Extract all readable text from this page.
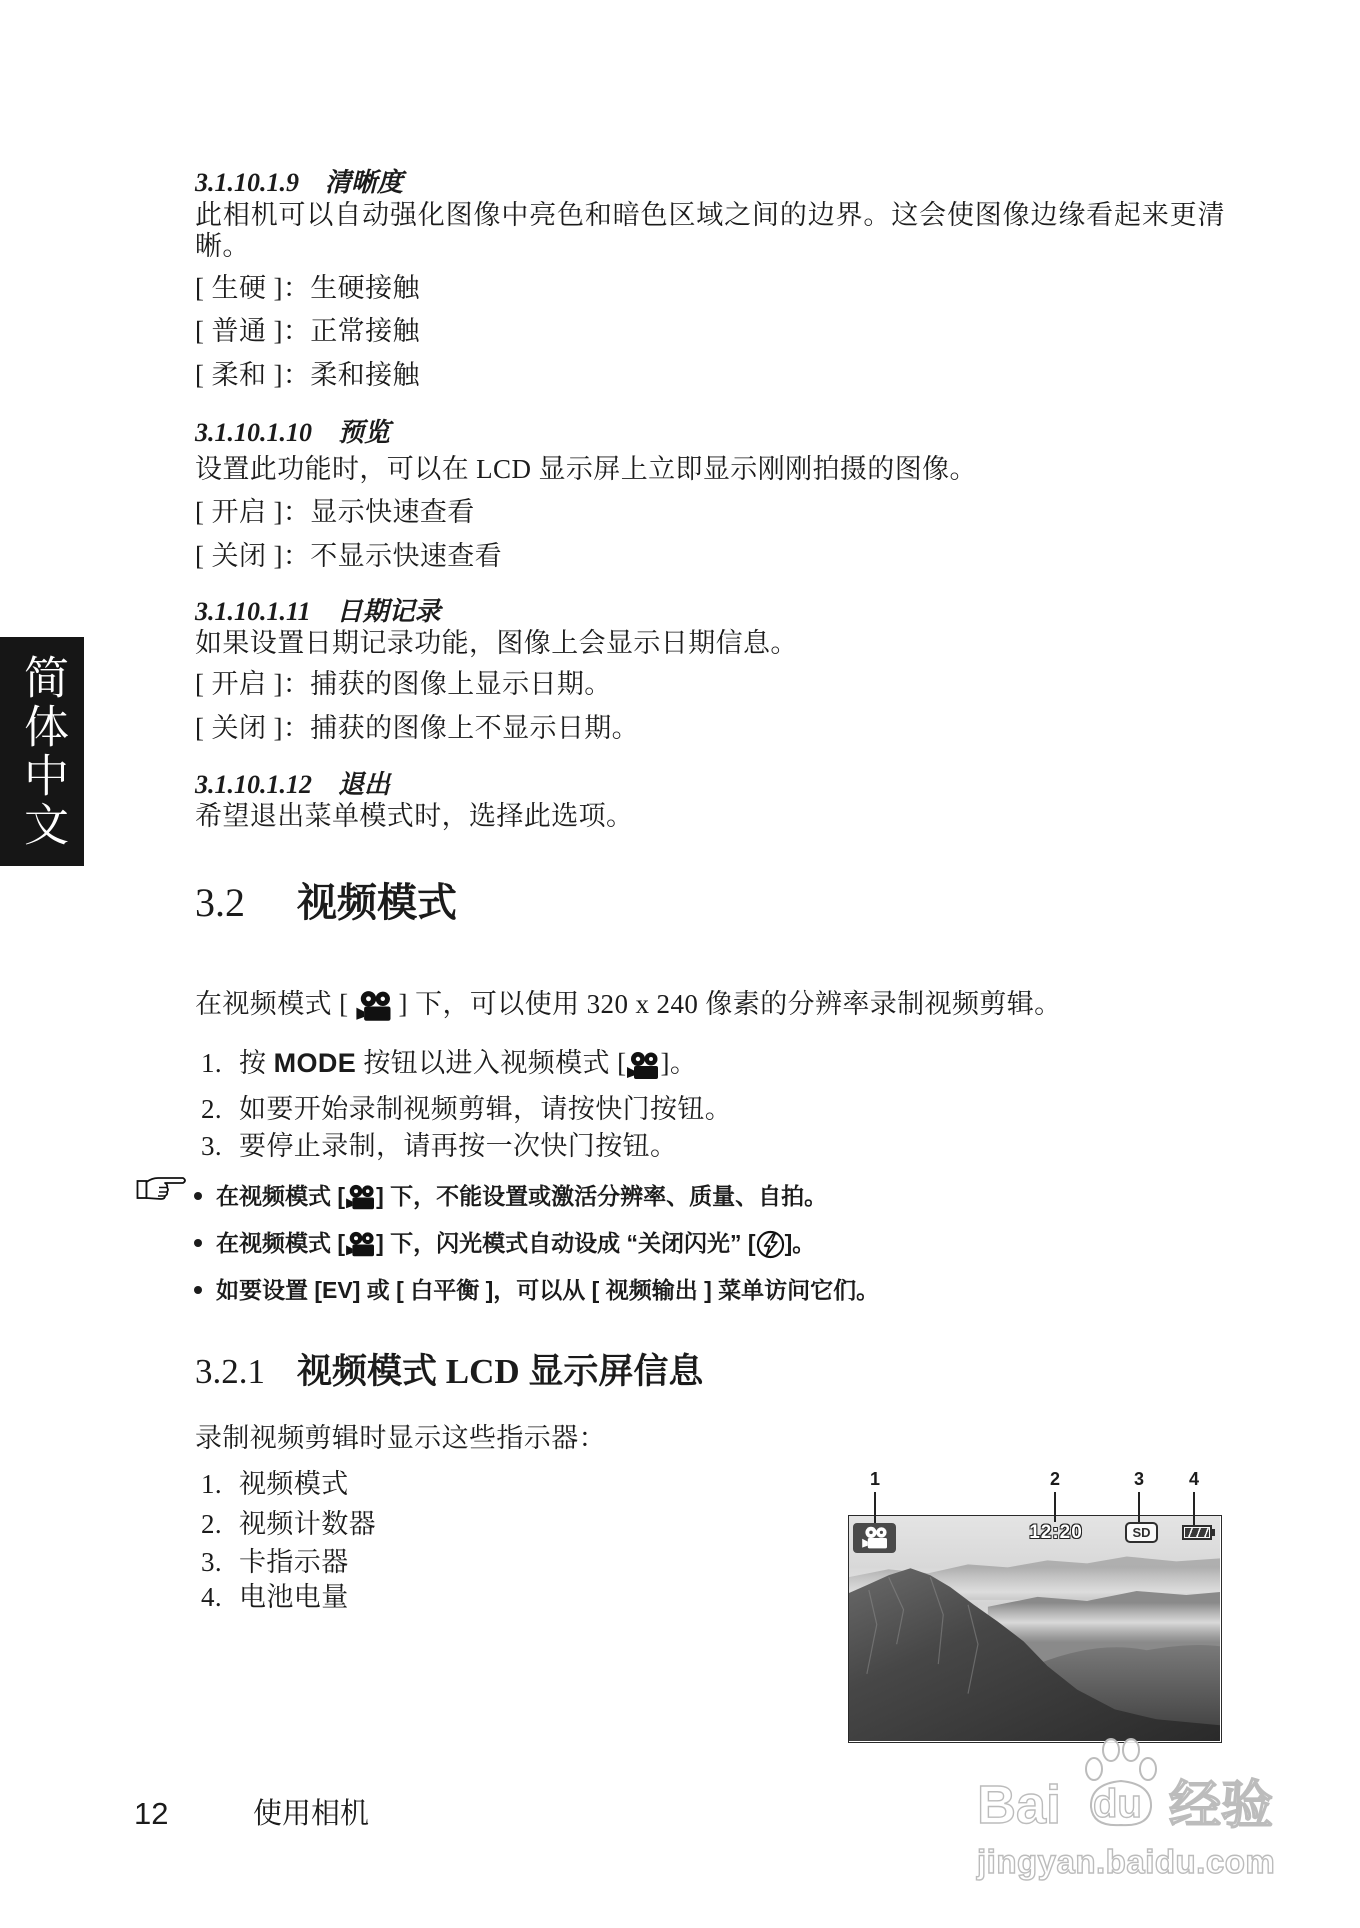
简体中文
3.1.10.1.9 清晰度
此相机可以自动强化图像中亮色和暗色区域之间的边界。这会使图像边缘看起来更清晰。
[ 生硬 ]：生硬接触
[ 普通 ]：正常接触
[ 柔和 ]：柔和接触
3.1.10.1.10 预览
设置此功能时，可以在 LCD 显示屏上立即显示刚刚拍摄的图像。
[ 开启 ]：显示快速查看
[ 关闭 ]：不显示快速查看
3.1.10.1.11 日期记录
如果设置日期记录功能，图像上会显示日期信息。
[ 开启 ]：捕获的图像上显示日期。
[ 关闭 ]：捕获的图像上不显示日期。
3.1.10.1.12 退出
希望退出菜单模式时，选择此选项。
3.2 视频模式
在视频模式 [ ] 下，可以使用 320 x 240 像素的分辨率录制视频剪辑。
1. 按 MODE 按钮以进入视频模式 [ ]。
2. 如要开始录制视频剪辑，请按快门按钮。
3. 要停止录制，请再按一次快门按钮。
在视频模式 [ ] 下，不能设置或激活分辨率、质量、自拍。
在视频模式 [ ] 下，闪光模式自动设成 “关闭闪光” [ ]。
如要设置 [EV] 或 [ 白平衡 ]，可以从 [ 视频输出 ] 菜单访问它们。
3.2.1 视频模式 LCD 显示屏信息
录制视频剪辑时显示这些指示器：
1. 视频模式
2. 视频计数器
3. 卡指示器
4. 电池电量
1	2	3 4
12:20	SD
12	使用相机	Bai du 经验
jingyan.baidu.com
